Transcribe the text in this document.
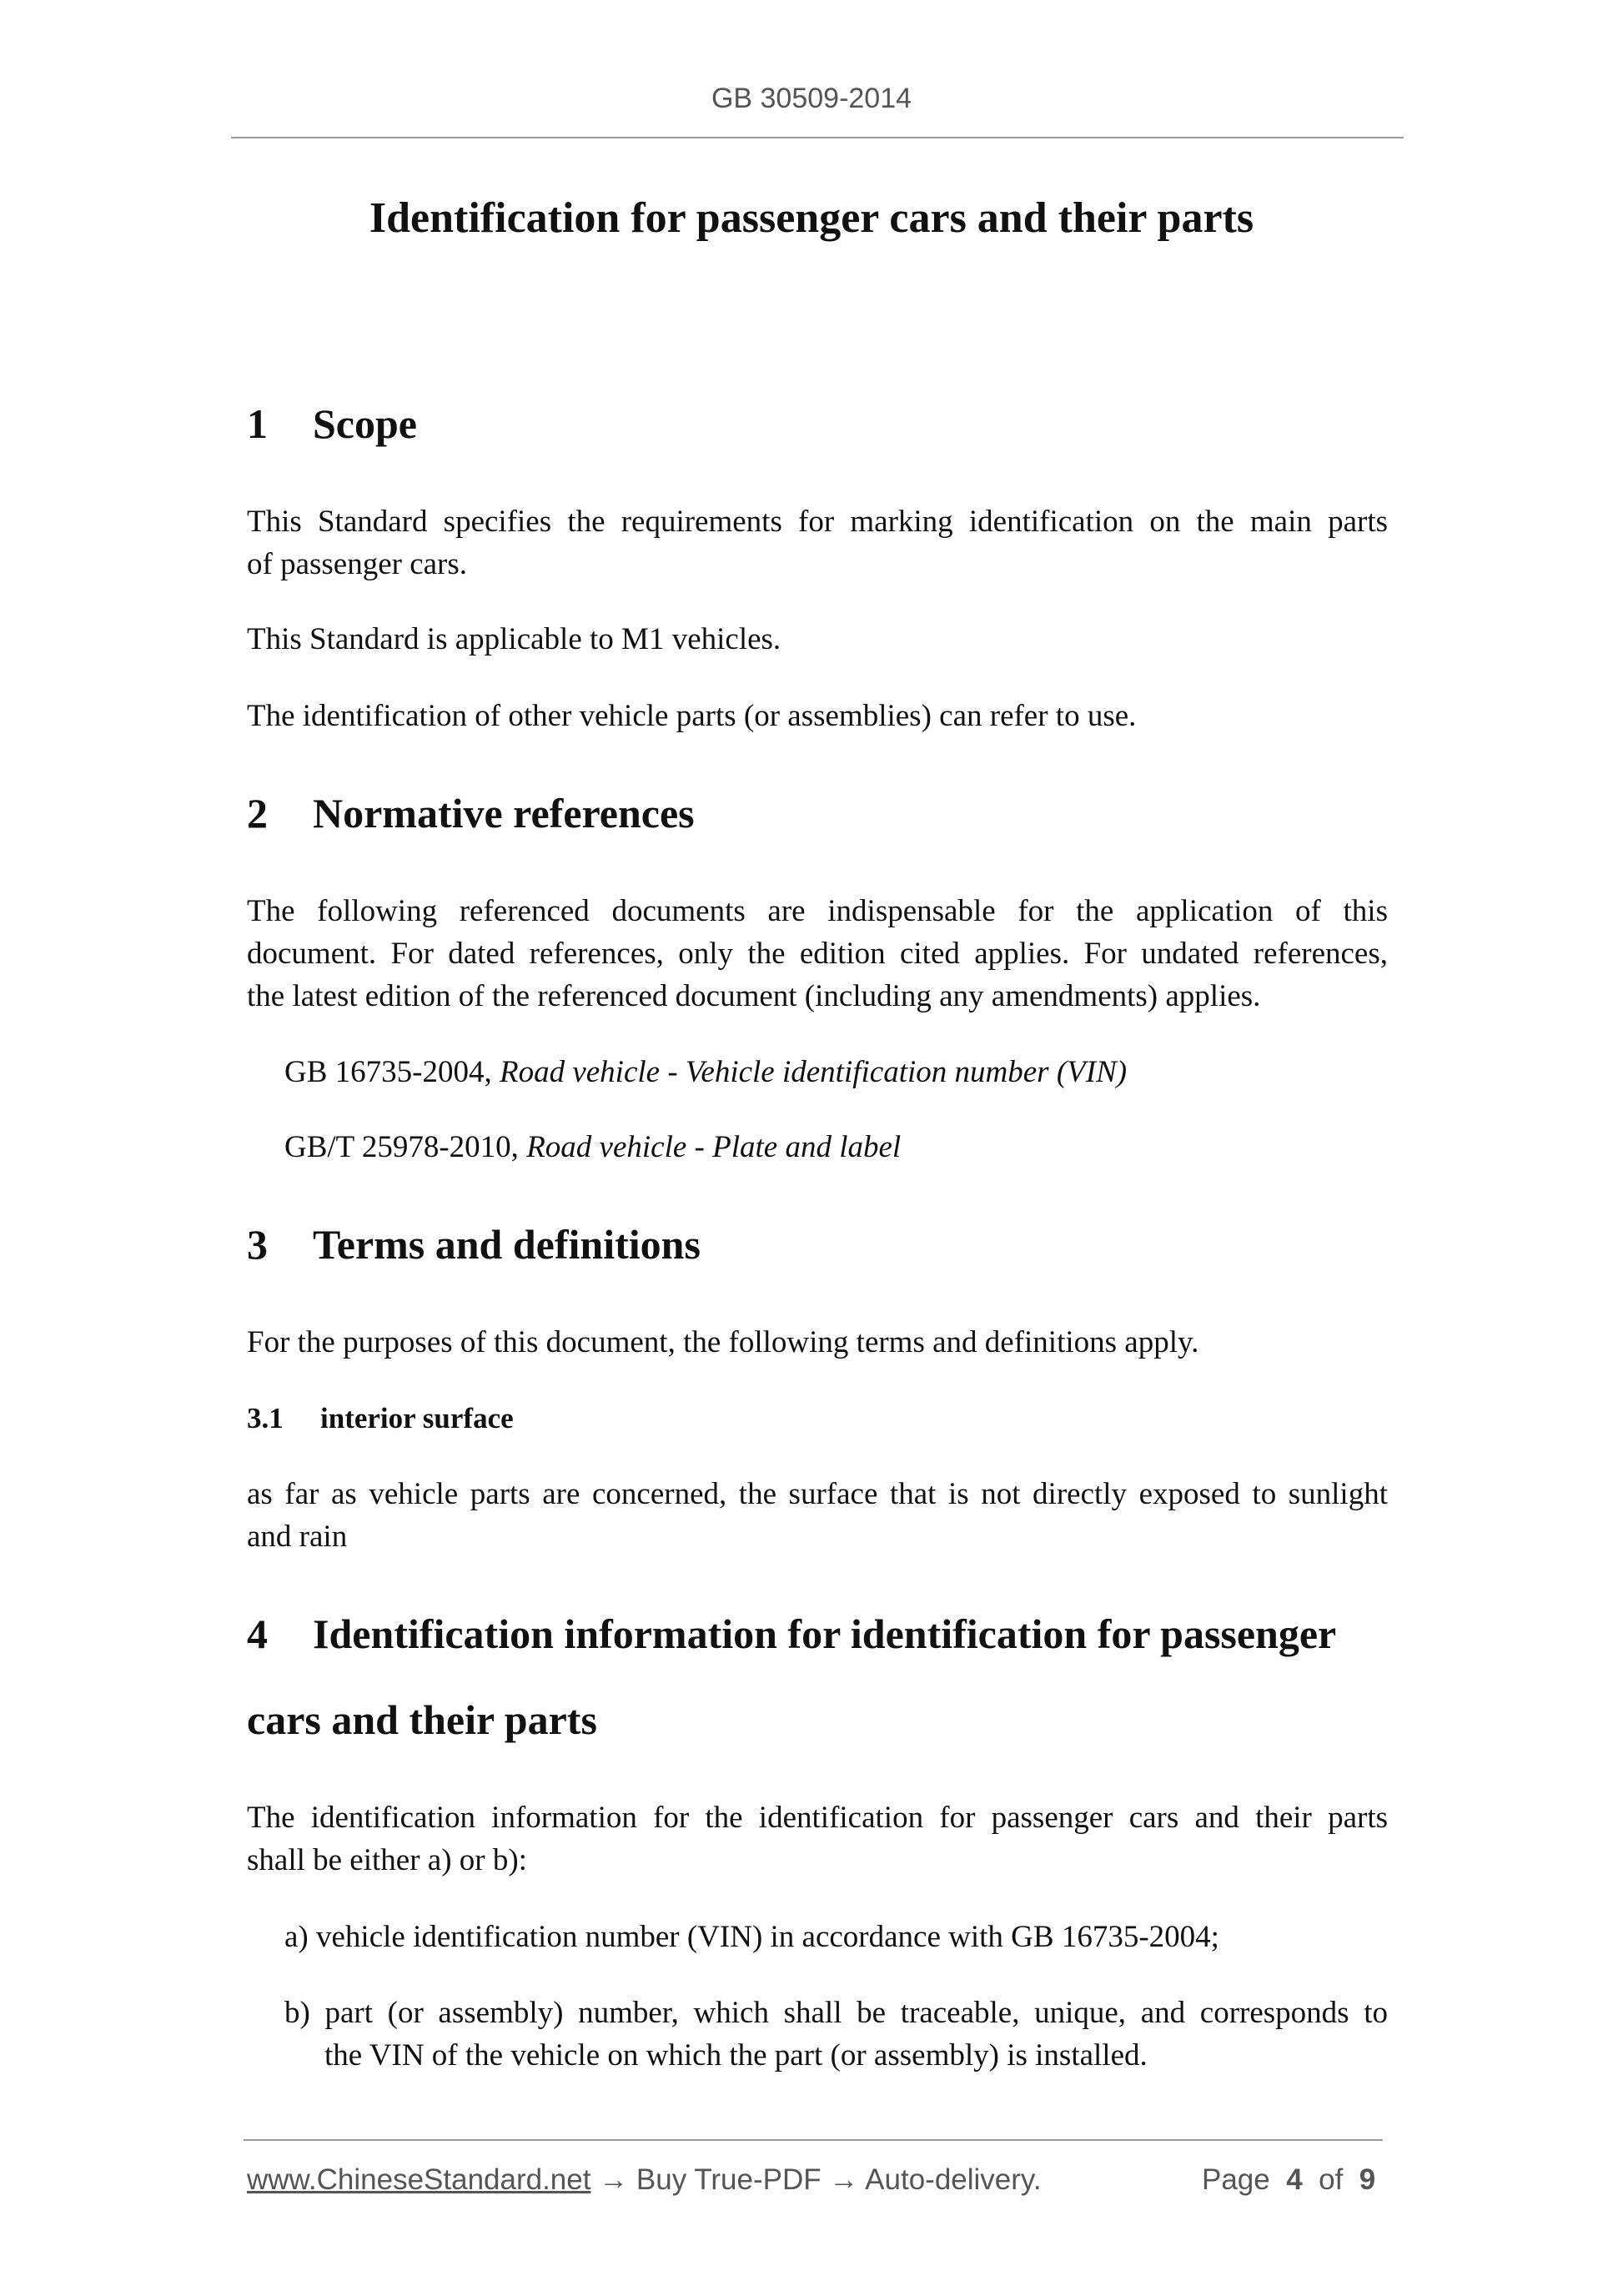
GB 30509-2014
Identification for passenger cars and their parts
1 Scope
This Standard specifies the requirements for marking identification on the main parts
of passenger cars.
This Standard is applicable to M1 vehicles.
The identification of other vehicle parts (or assemblies) can refer to use.
2 Normative references
The following referenced documents are indispensable for the application of this
document. For dated references, only the edition cited applies. For undated references,
the latest edition of the referenced document (including any amendments) applies.
GB 16735-2004, Road vehicle - Vehicle identification number (VIN)
GB/T 25978-2010, Road vehicle - Plate and label
3 Terms and definitions
For the purposes of this document, the following terms and definitions apply.
3.1 interior surface
as far as vehicle parts are concerned, the surface that is not directly exposed to sunlight
and rain
4 Identification information for identification for passenger
cars and their parts
The identification information for the identification for passenger cars and their parts
shall be either a) or b):
a) vehicle identification number (VIN) in accordance with GB 16735-2004;
b) part (or assembly) number, which shall be traceable, unique, and corresponds to
the VIN of the vehicle on which the part (or assembly) is installed.
www.ChineseStandard.net → Buy True-PDF → Auto-delivery.	Page 4 of 9
